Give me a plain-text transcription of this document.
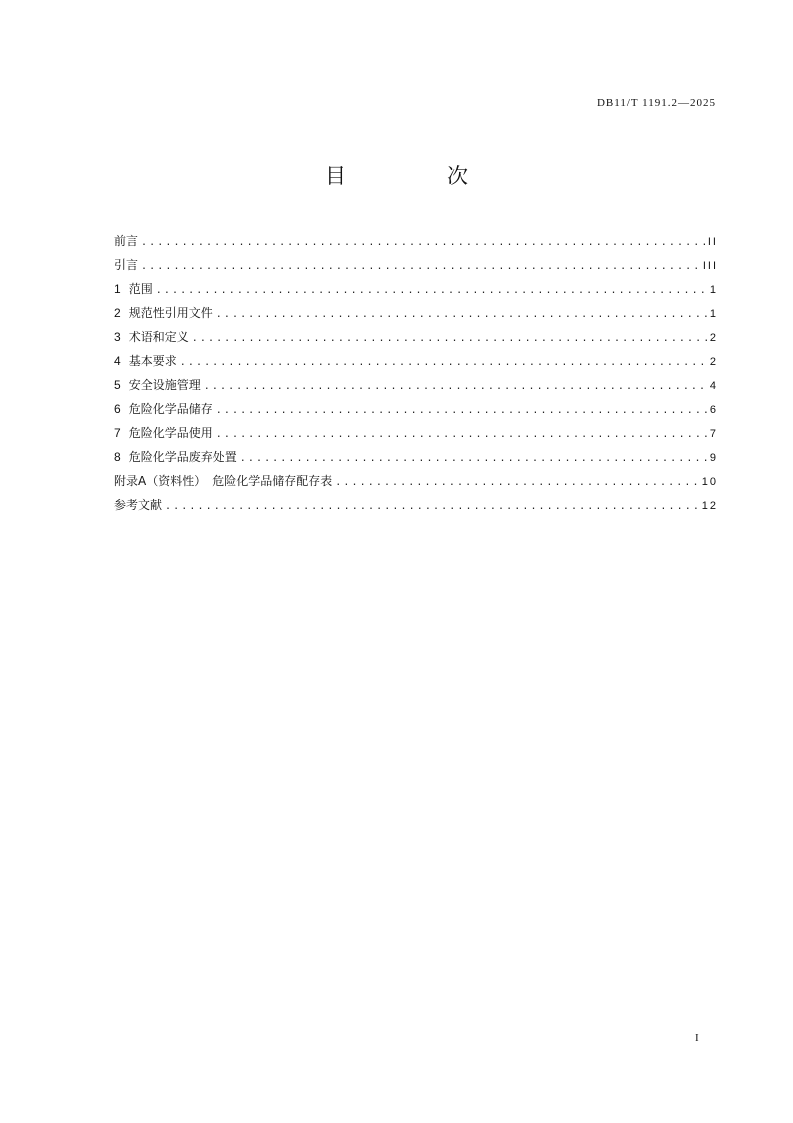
DB11/T 1191.2—2025
目　次
前言 .....	II
引言 .....	III
1 范围 .....	1
2 规范性引用文件 .....	1
3 术语和定义 .....	2
4 基本要求 .....	2
5 安全设施管理 .....	4
6 危险化学品储存 .....	6
7 危险化学品使用 .....	7
8 危险化学品废弃处置 .....	9
附录A（资料性）　危险化学品储存配存表 .....	10
参考文献 .....	12
I
